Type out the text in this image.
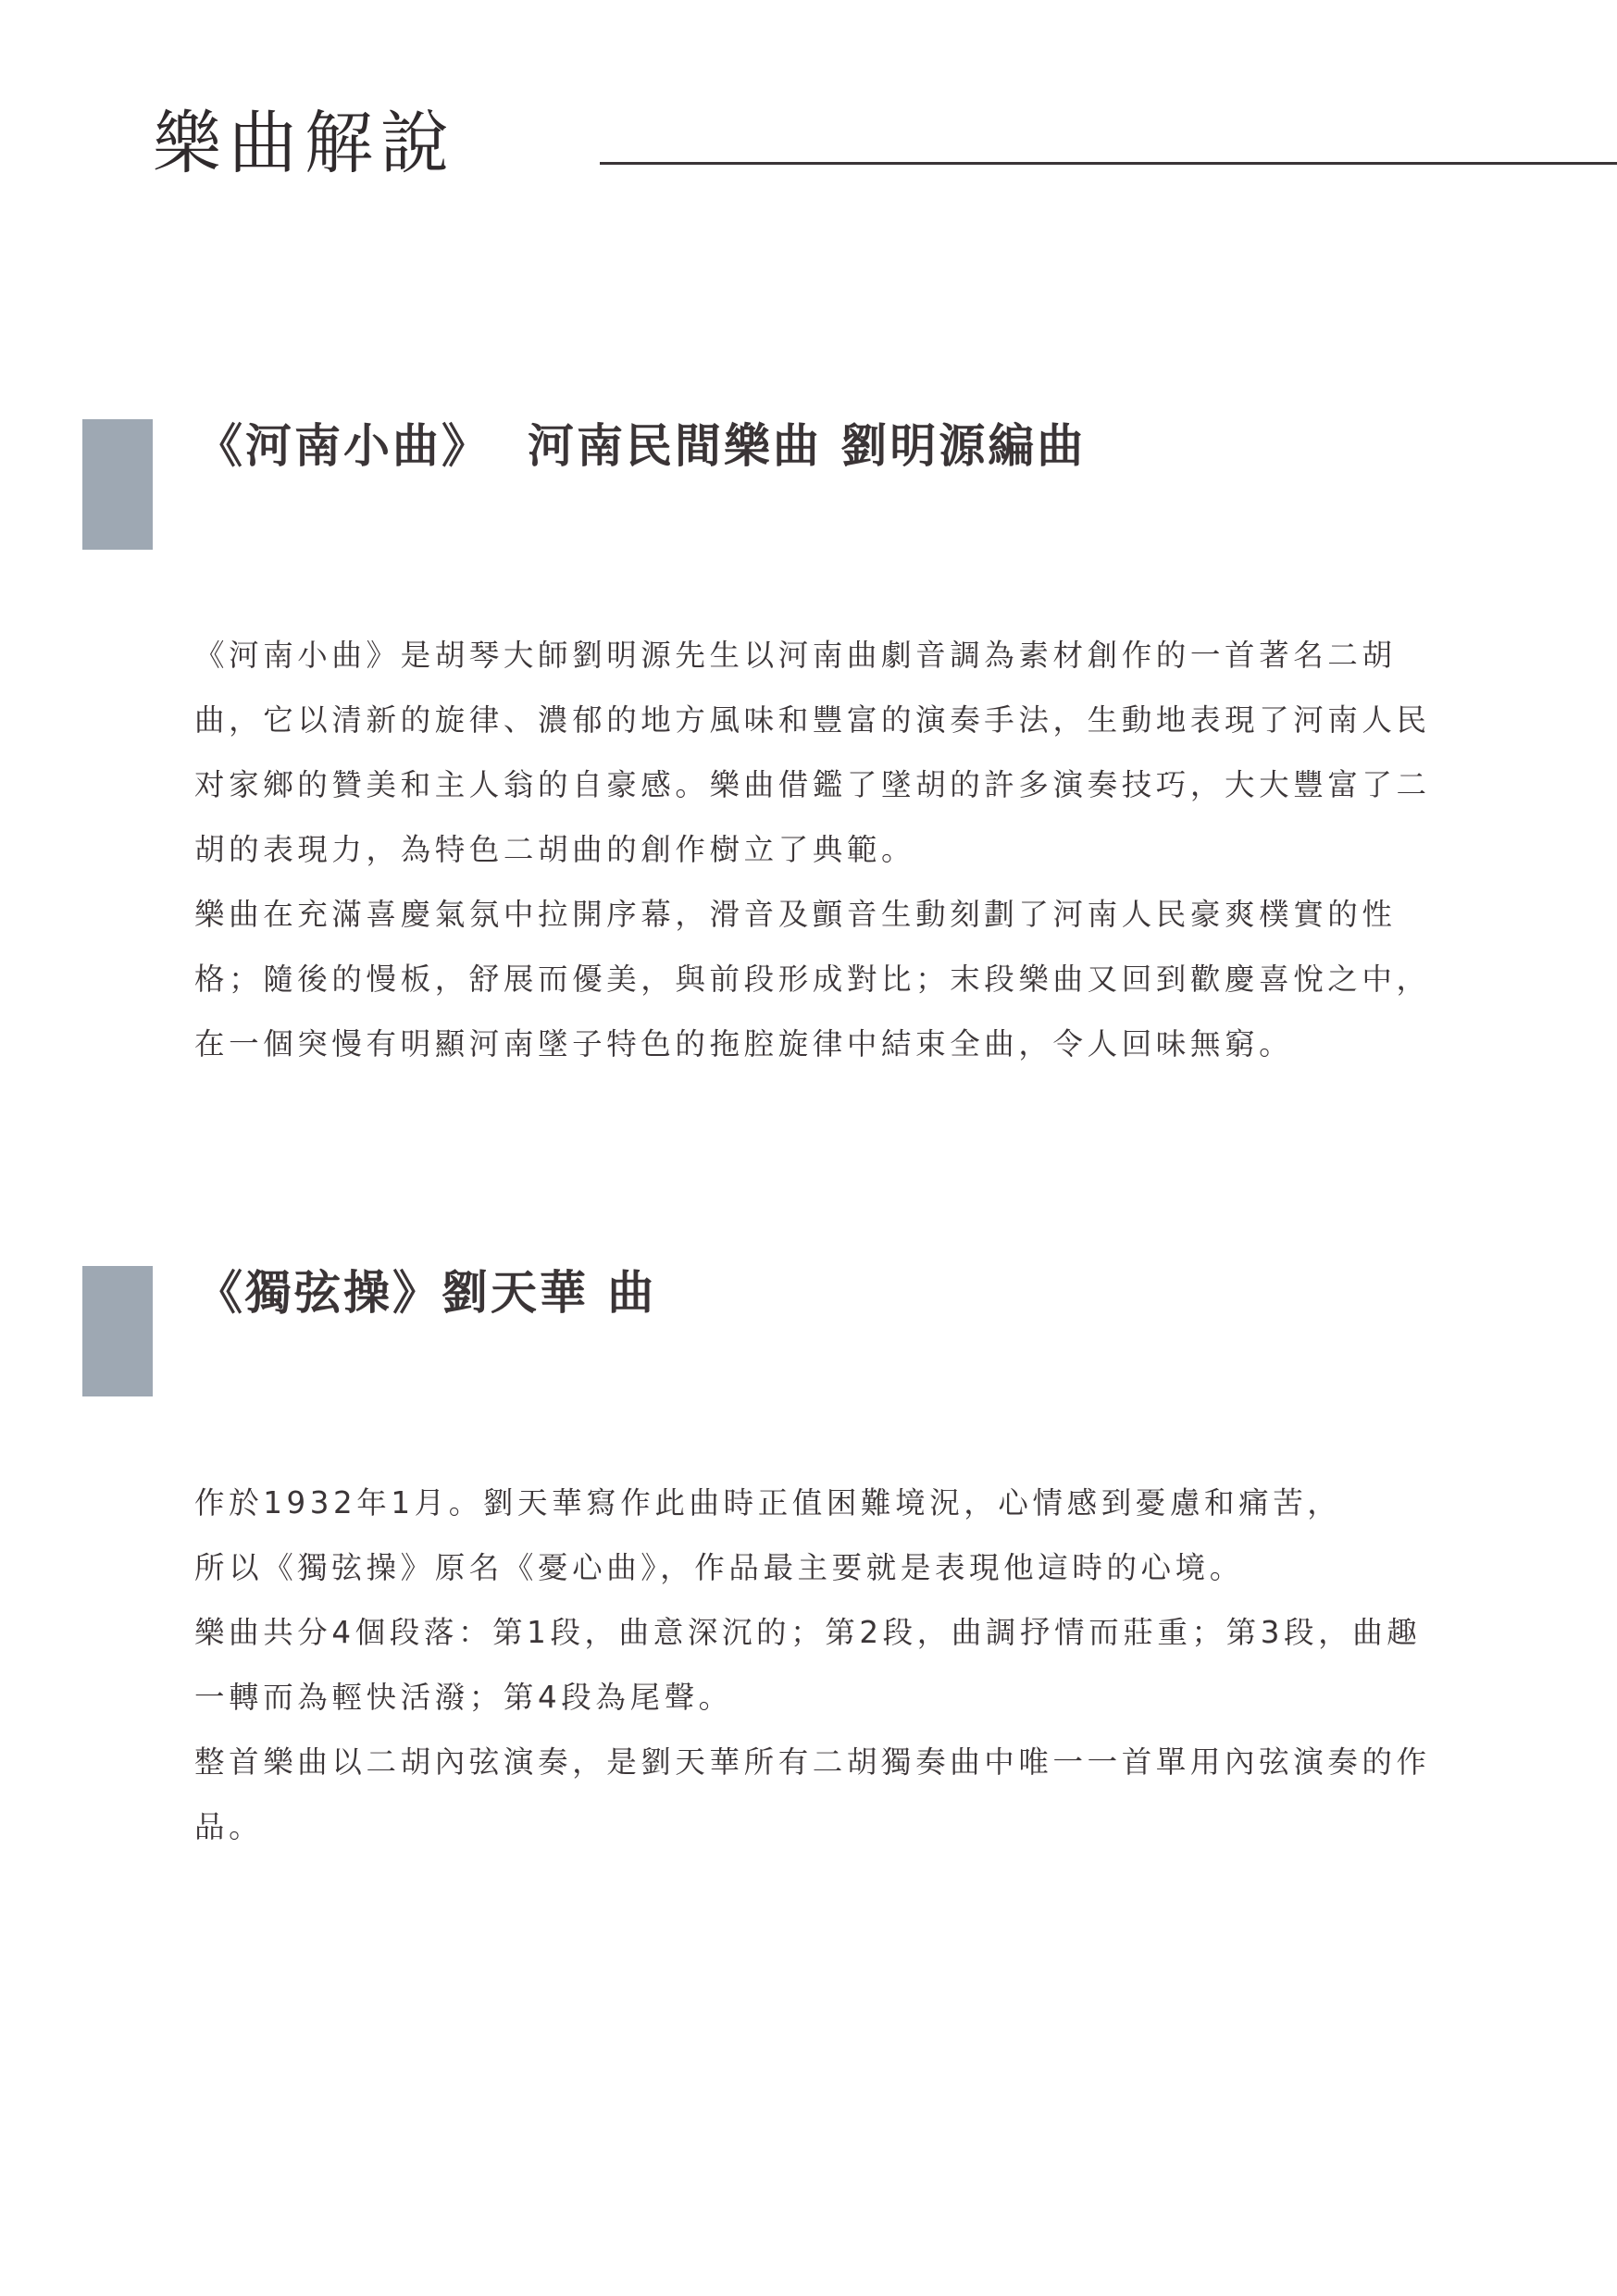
樂曲解說
《河南小曲》 河南民間樂曲 劉明源編曲
《河南小曲》是胡琴大師劉明源先生以河南曲劇音調為素材創作的一首著名二胡
曲，它以清新的旋律、濃郁的地方風味和豐富的演奏手法，生動地表現了河南人民
对家鄉的贊美和主人翁的自豪感。樂曲借鑑了墜胡的許多演奏技巧，大大豐富了二
胡的表現力，為特色二胡曲的創作樹立了典範。
樂曲在充滿喜慶氣氛中拉開序幕，滑音及顫音生動刻劃了河南人民豪爽樸實的性
格；隨後的慢板，舒展而優美，與前段形成對比；末段樂曲又回到歡慶喜悅之中，
在一個突慢有明顯河南墜子特色的拖腔旋律中結束全曲，令人回味無窮。
《獨弦操》劉天華 曲
作於1932年1月。劉天華寫作此曲時正值困難境況，心情感到憂慮和痛苦，
所以《獨弦操》原名《憂心曲》，作品最主要就是表現他這時的心境。
樂曲共分4個段落：第1段，曲意深沉的；第2段，曲調抒情而莊重；第3段，曲趣
一轉而為輕快活潑；第4段為尾聲。
整首樂曲以二胡內弦演奏，是劉天華所有二胡獨奏曲中唯一一首單用內弦演奏的作
品。
